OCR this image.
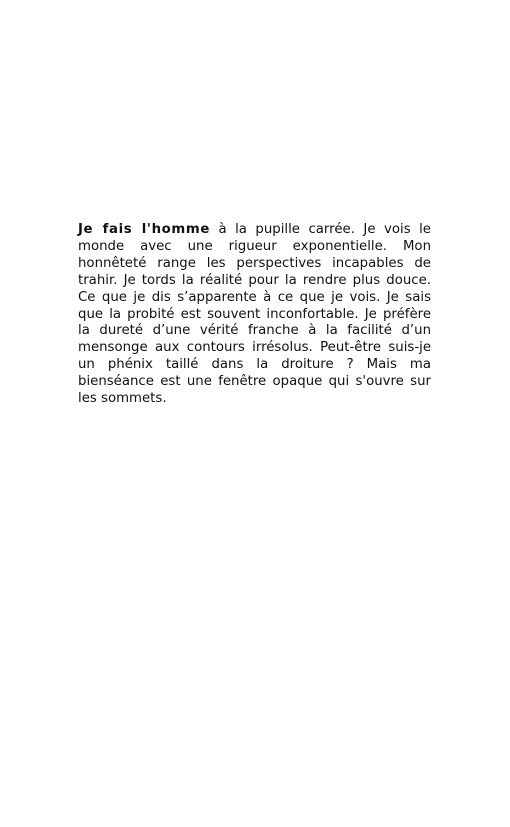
Je fais l'homme à la pupille carrée. Je vois le monde avec une rigueur exponentielle. Mon honnêteté range les perspectives incapables de trahir. Je tords la réalité pour la rendre plus douce. Ce que je dis s’apparente à ce que je vois. Je sais que la probité est souvent inconfortable. Je préfère la dureté d’une vérité franche à la facilité d’un mensonge aux contours irrésolus. Peut-être suis-je un phénix taillé dans la droiture ? Mais ma bienséance est une fenêtre opaque qui s'ouvre sur les sommets.
